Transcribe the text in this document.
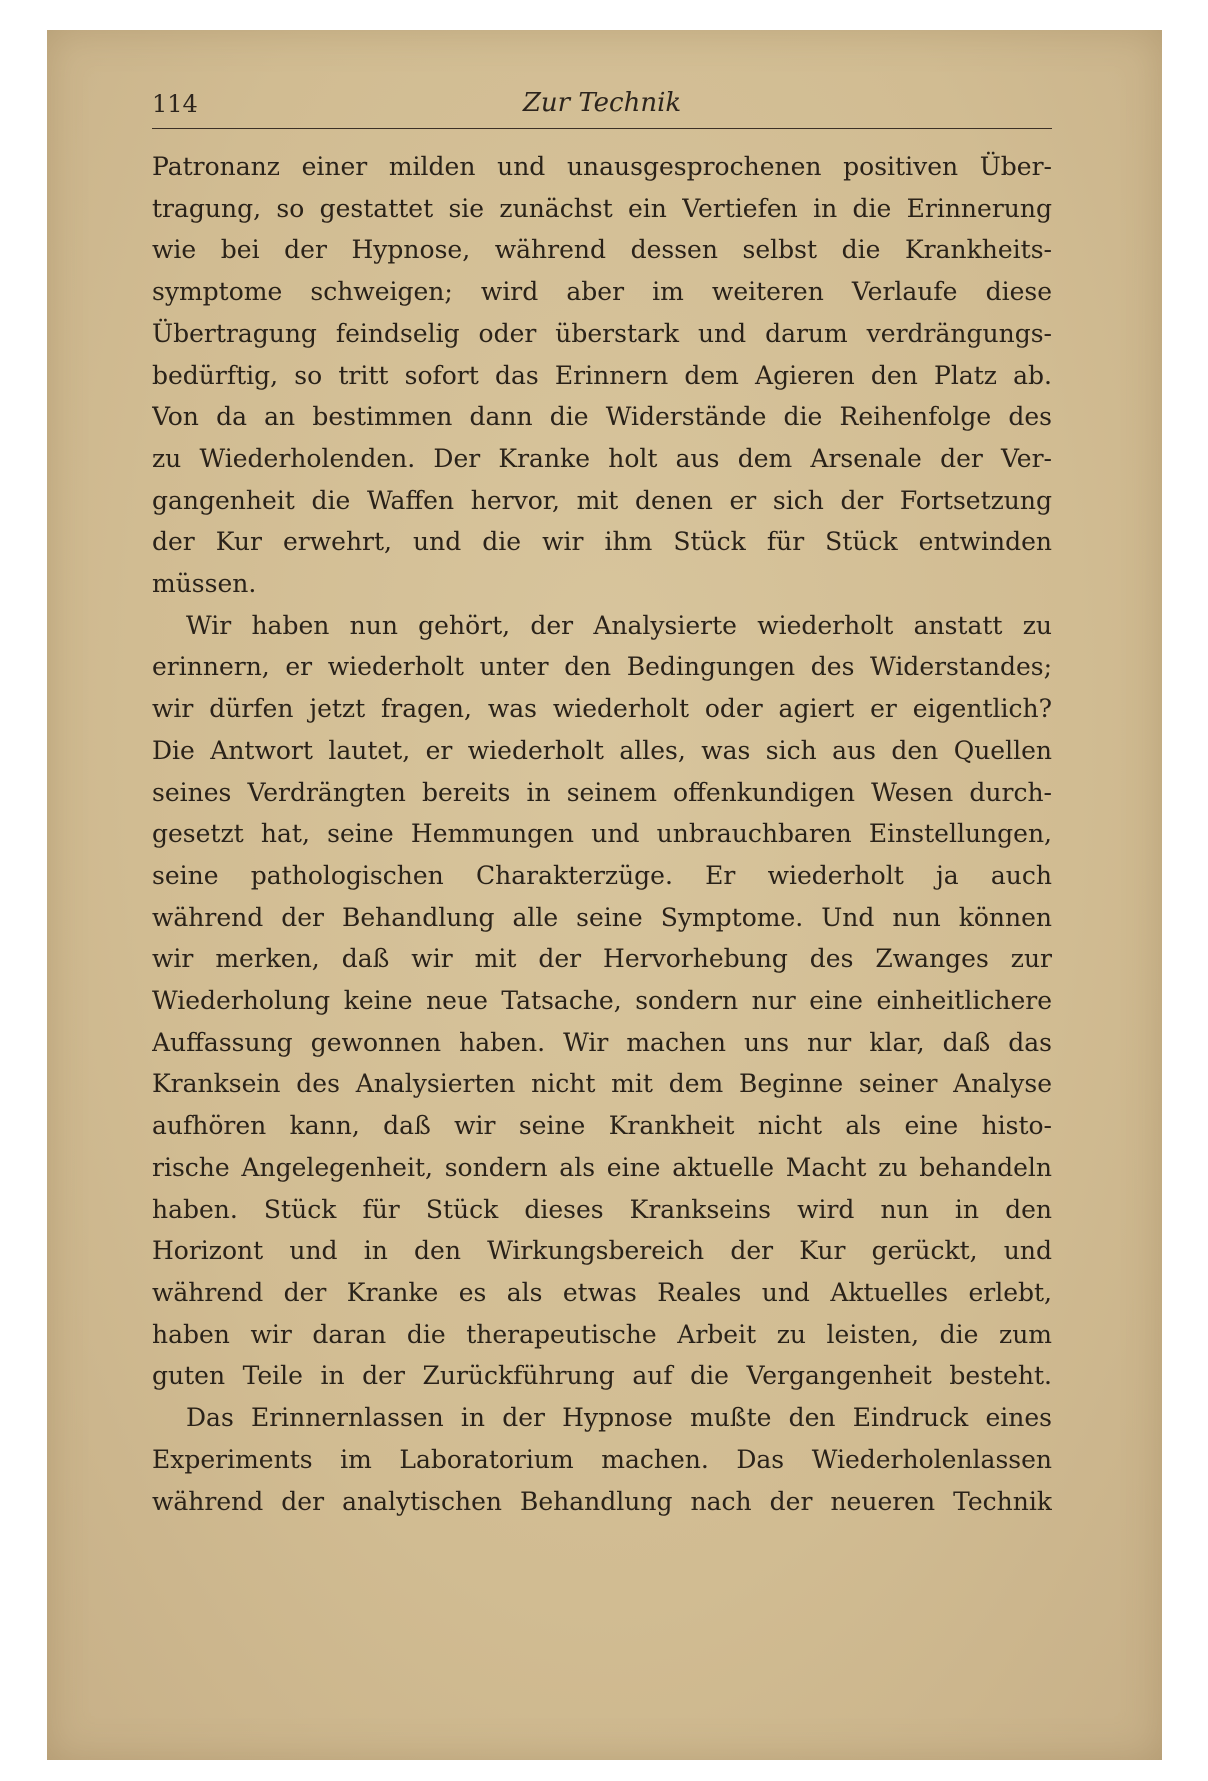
114	Zur Technik
Patronanz einer milden und unausgesprochenen positiven Über-
tragung, so gestattet sie zunächst ein Vertiefen in die Erinnerung
wie bei der Hypnose, während dessen selbst die Krankheits-
symptome schweigen; wird aber im weiteren Verlaufe diese
Übertragung feindselig oder überstark und darum verdrängungs-
bedürftig, so tritt sofort das Erinnern dem Agieren den Platz ab.
Von da an bestimmen dann die Widerstände die Reihenfolge des
zu Wiederholenden. Der Kranke holt aus dem Arsenale der Ver-
gangenheit die Waffen hervor, mit denen er sich der Fortsetzung
der Kur erwehrt, und die wir ihm Stück für Stück entwinden
müssen.
Wir haben nun gehört, der Analysierte wiederholt anstatt zu
erinnern, er wiederholt unter den Bedingungen des Widerstandes;
wir dürfen jetzt fragen, was wiederholt oder agiert er eigentlich?
Die Antwort lautet, er wiederholt alles, was sich aus den Quellen
seines Verdrängten bereits in seinem offenkundigen Wesen durch-
gesetzt hat, seine Hemmungen und unbrauchbaren Einstellungen,
seine pathologischen Charakterzüge. Er wiederholt ja auch
während der Behandlung alle seine Symptome. Und nun können
wir merken, daß wir mit der Hervorhebung des Zwanges zur
Wiederholung keine neue Tatsache, sondern nur eine einheitlichere
Auffassung gewonnen haben. Wir machen uns nur klar, daß das
Kranksein des Analysierten nicht mit dem Beginne seiner Analyse
aufhören kann, daß wir seine Krankheit nicht als eine histo-
rische Angelegenheit, sondern als eine aktuelle Macht zu behandeln
haben. Stück für Stück dieses Krankseins wird nun in den
Horizont und in den Wirkungsbereich der Kur gerückt, und
während der Kranke es als etwas Reales und Aktuelles erlebt,
haben wir daran die therapeutische Arbeit zu leisten, die zum
guten Teile in der Zurückführung auf die Vergangenheit besteht.
Das Erinnernlassen in der Hypnose mußte den Eindruck eines
Experiments im Laboratorium machen. Das Wiederholenlassen
während der analytischen Behandlung nach der neueren Technik
